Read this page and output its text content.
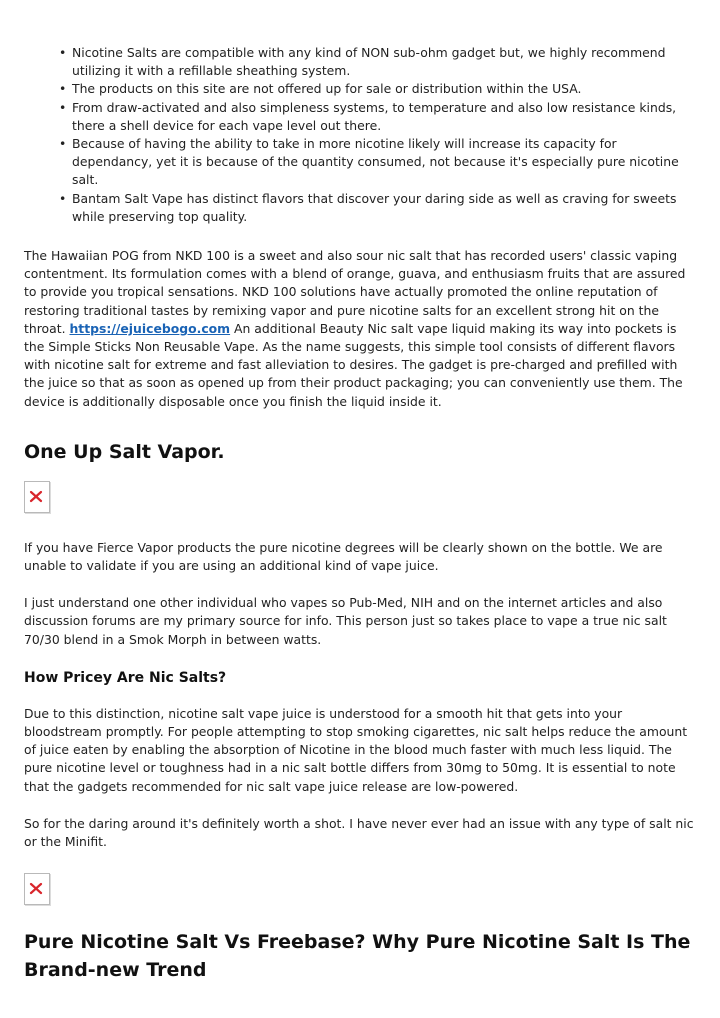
• Nicotine Salts are compatible with any kind of NON sub-ohm gadget but, we highly recommend utilizing it with a refillable sheathing system.
• The products on this site are not offered up for sale or distribution within the USA.
• From draw-activated and also simpleness systems, to temperature and also low resistance kinds, there a shell device for each vape level out there.
• Because of having the ability to take in more nicotine likely will increase its capacity for dependancy, yet it is because of the quantity consumed, not because it's especially pure nicotine salt.
• Bantam Salt Vape has distinct flavors that discover your daring side as well as craving for sweets while preserving top quality.

The Hawaiian POG from NKD 100 is a sweet and also sour nic salt that has recorded users' classic vaping contentment. Its formulation comes with a blend of orange, guava, and enthusiasm fruits that are assured to provide you tropical sensations. NKD 100 solutions have actually promoted the online reputation of restoring traditional tastes by remixing vapor and pure nicotine salts for an excellent strong hit on the throat. https://ejuicebogo.com An additional Beauty Nic salt vape liquid making its way into pockets is the Simple Sticks Non Reusable Vape. As the name suggests, this simple tool consists of different flavors with nicotine salt for extreme and fast alleviation to desires. The gadget is pre-charged and prefilled with the juice so that as soon as opened up from their product packaging; you can conveniently use them. The device is additionally disposable once you finish the liquid inside it.

One Up Salt Vapor.

If you have Fierce Vapor products the pure nicotine degrees will be clearly shown on the bottle. We are unable to validate if you are using an additional kind of vape juice.

I just understand one other individual who vapes so Pub-Med, NIH and on the internet articles and also discussion forums are my primary source for info. This person just so takes place to vape a true nic salt 70/30 blend in a Smok Morph in between watts.

How Pricey Are Nic Salts?

Due to this distinction, nicotine salt vape juice is understood for a smooth hit that gets into your bloodstream promptly. For people attempting to stop smoking cigarettes, nic salt helps reduce the amount of juice eaten by enabling the absorption of Nicotine in the blood much faster with much less liquid. The pure nicotine level or toughness had in a nic salt bottle differs from 30mg to 50mg. It is essential to note that the gadgets recommended for nic salt vape juice release are low-powered.

So for the daring around it's definitely worth a shot. I have never ever had an issue with any type of salt nic or the Minifit.

Pure Nicotine Salt Vs Freebase? Why Pure Nicotine Salt Is The Brand-new Trend
